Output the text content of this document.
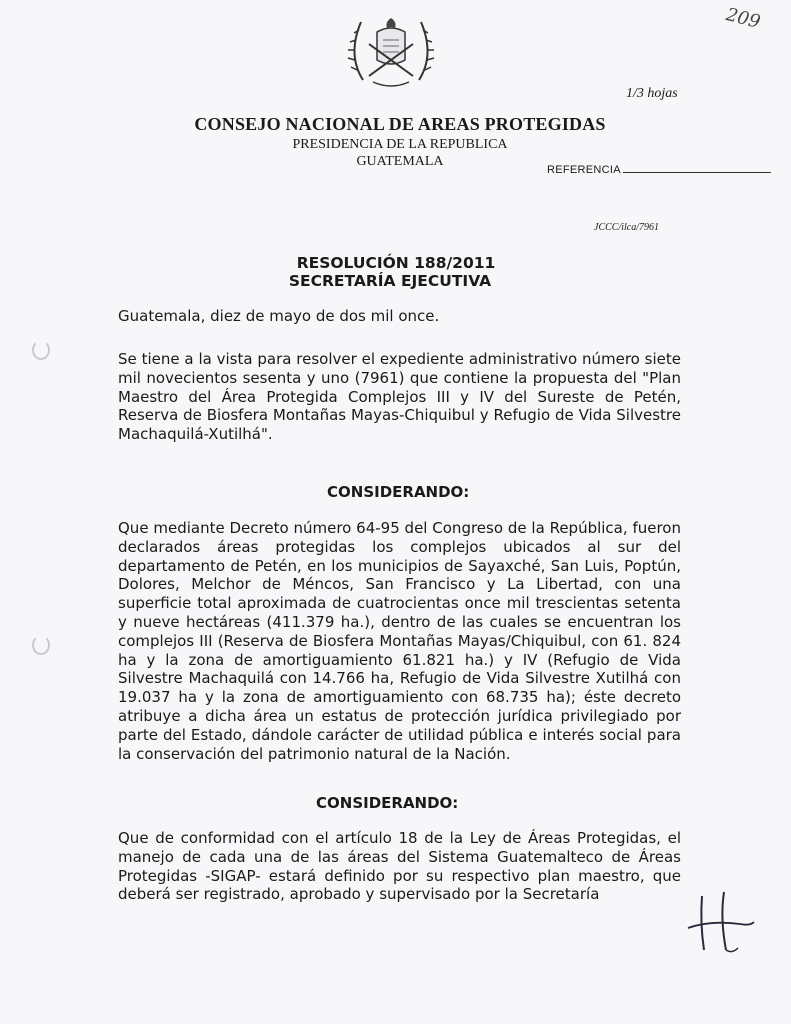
209
1/3 hojas
CONSEJO NACIONAL DE AREAS PROTEGIDAS
PRESIDENCIA DE LA REPUBLICA
GUATEMALA
REFERENCIA
JCCC/ilca/7961
RESOLUCIÓN 188/2011
SECRETARÍA EJECUTIVA
Guatemala, diez de mayo de dos mil once.
Se tiene a la vista para resolver el expediente administrativo número siete mil novecientos sesenta y uno (7961) que contiene la propuesta del "Plan Maestro del Área Protegida Complejos III y IV del Sureste de Petén, Reserva de Biosfera Montañas Mayas-Chiquibul y Refugio de Vida Silvestre Machaquilá-Xutilhá".
CONSIDERANDO:
Que mediante Decreto número 64-95 del Congreso de la República, fueron declarados áreas protegidas los complejos ubicados al sur del departamento de Petén, en los municipios de Sayaxché, San Luis, Poptún, Dolores, Melchor de Méncos, San Francisco y La Libertad, con una superficie total aproximada de cuatrocientas once mil trescientas setenta y nueve hectáreas (411.379 ha.), dentro de las cuales se encuentran los complejos III (Reserva de Biosfera Montañas Mayas/Chiquibul, con 61. 824 ha y la zona de amortiguamiento 61.821 ha.) y IV (Refugio de Vida Silvestre Machaquilá con 14.766 ha, Refugio de Vida Silvestre Xutilhá con 19.037 ha y la zona de amortiguamiento con 68.735 ha); éste decreto atribuye a dicha área un estatus de protección jurídica privilegiado por parte del Estado, dándole carácter de utilidad pública e interés social para la conservación del patrimonio natural de la Nación.
CONSIDERANDO:
Que de conformidad con el artículo 18 de la Ley de Áreas Protegidas, el manejo de cada una de las áreas del Sistema Guatemalteco de Áreas Protegidas -SIGAP- estará definido por su respectivo plan maestro, que deberá ser registrado, aprobado y supervisado por la Secretaría
